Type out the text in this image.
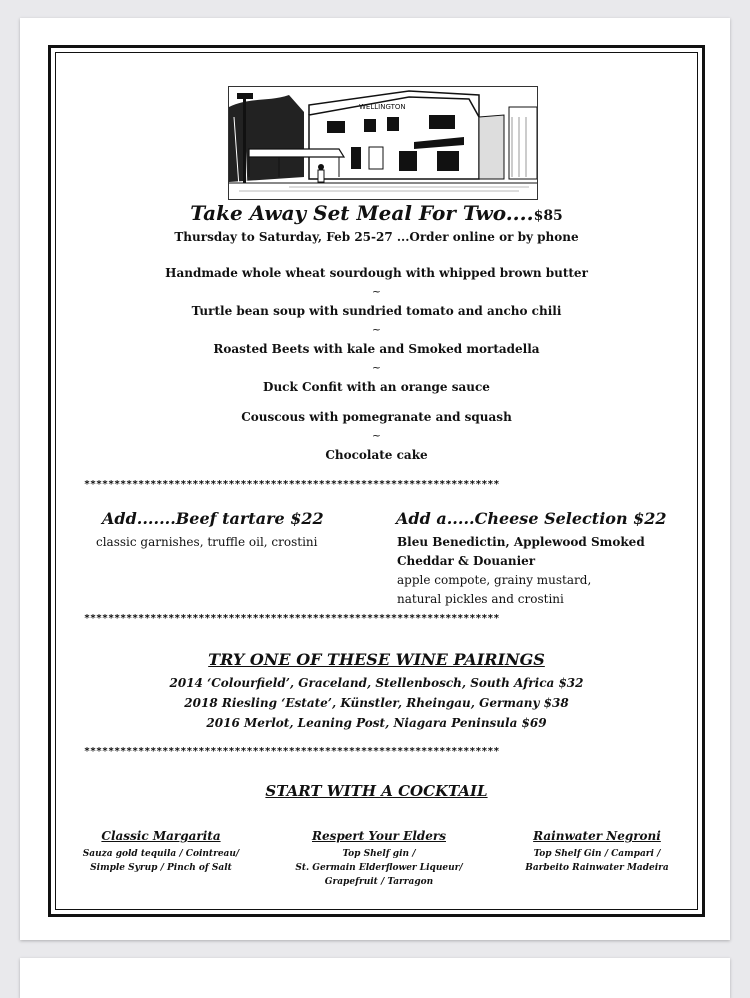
WELLINGTON
Take Away Set Meal For Two....$85
Thursday to Saturday, Feb 25-27 ...Order online or by phone
Handmade whole wheat sourdough with whipped brown butter
~
Turtle bean soup with sundried tomato and ancho chili
~
Roasted Beets with kale and Smoked mortadella
~
Duck Confit with an orange sauce
Couscous with pomegranate and squash
~
Chocolate cake
*********************************************************************
Add.......Beef tartare $22
classic garnishes, truffle oil, crostini
Add a.....Cheese Selection $22
Bleu Benedictin, Applewood Smoked
Cheddar & Douanier
apple compote, grainy mustard,
natural pickles and crostini
*********************************************************************
TRY ONE OF THESE WINE PAIRINGS
2014 ‘Colourfield’, Graceland, Stellenbosch, South Africa $32
2018 Riesling ‘Estate’, Künstler, Rheingau, Germany $38
2016 Merlot, Leaning Post, Niagara Peninsula $69
*********************************************************************
START WITH A COCKTAIL
Classic Margarita
Sauza gold tequila / Cointreau/
Simple Syrup / Pinch of Salt
Respert Your Elders
Top Shelf gin /
St. Germain Elderflower Liqueur/
Grapefruit / Tarragon
Rainwater Negroni
Top Shelf Gin / Campari /
Barbeito Rainwater Madeira
